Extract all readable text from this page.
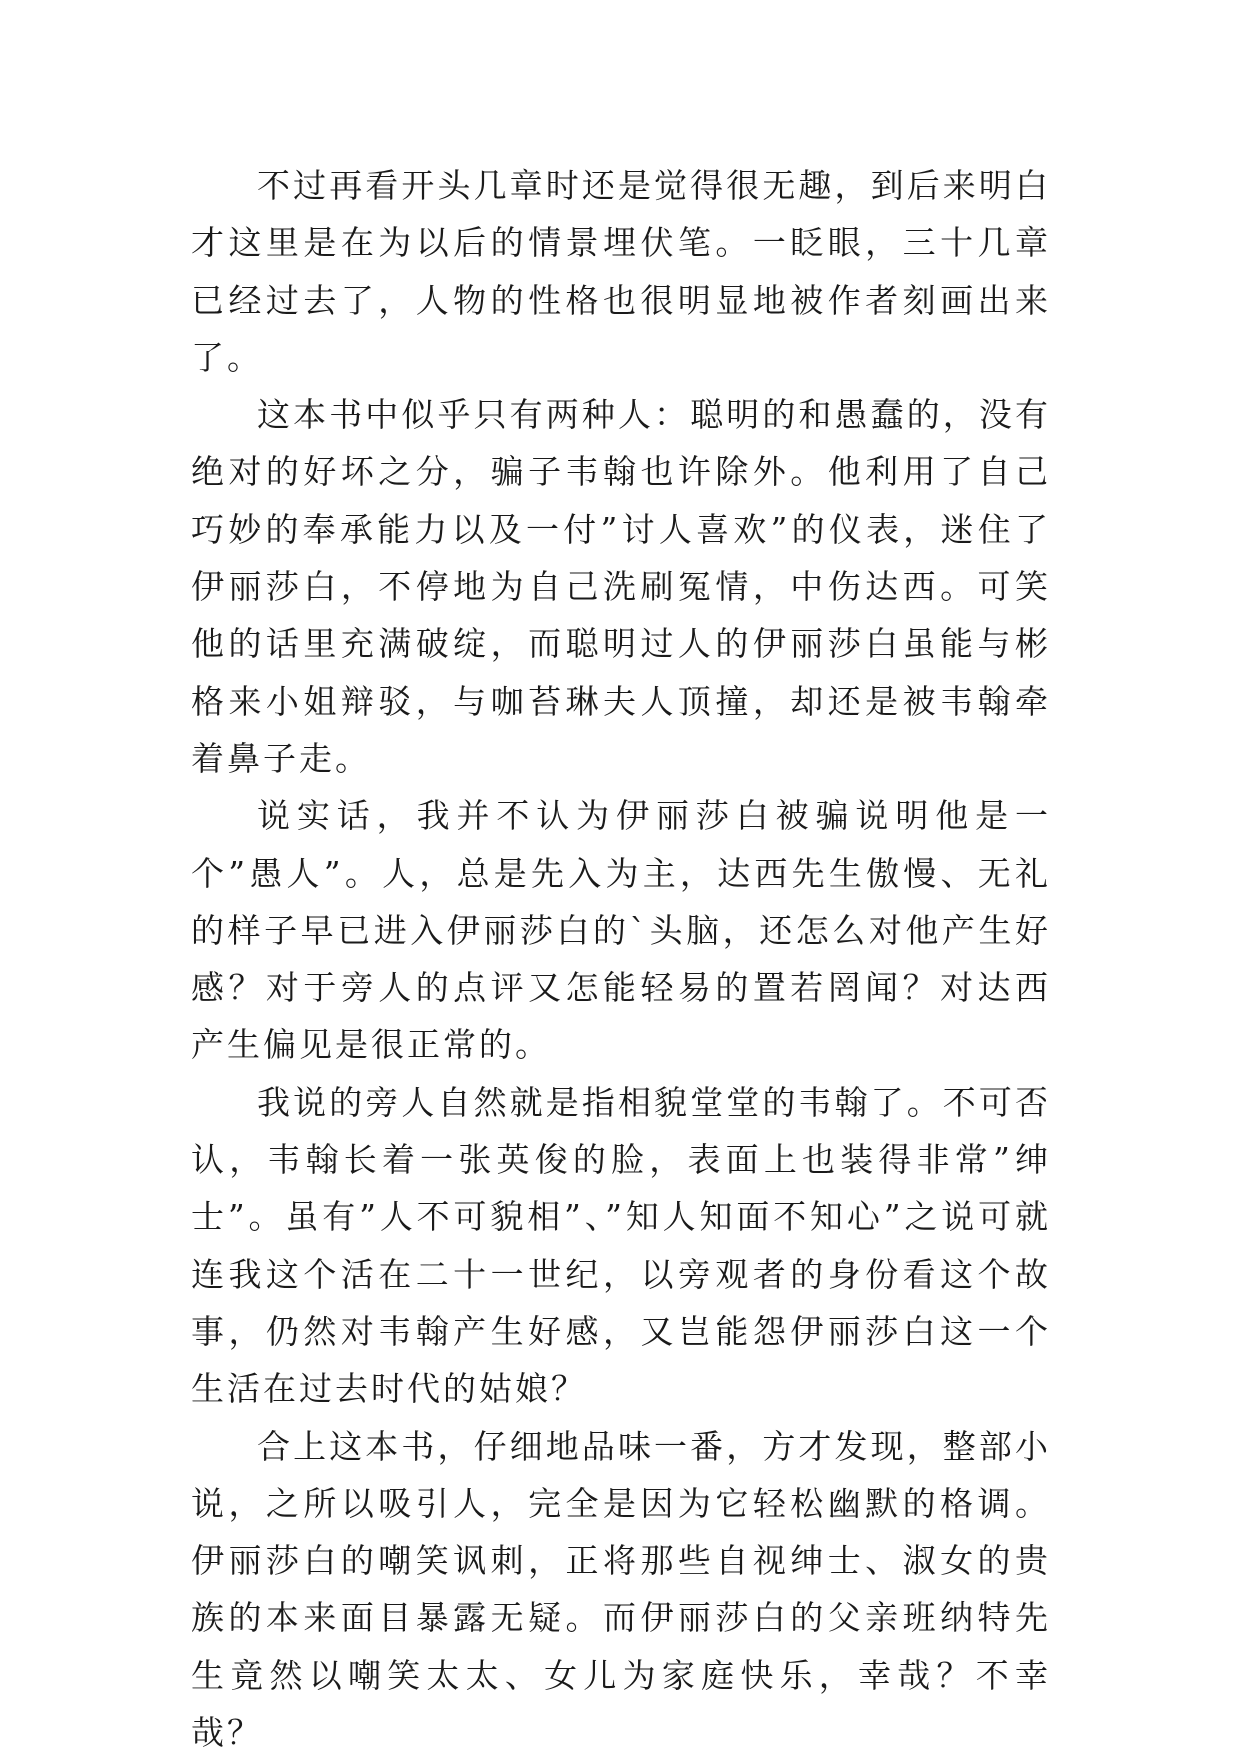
不过再看开头几章时还是觉得很无趣，到后来明白才这里是在为以后的情景埋伏笔。一眨眼，三十几章已经过去了，人物的性格也很明显地被作者刻画出来了。

这本书中似乎只有两种人：聪明的和愚蠢的，没有绝对的好坏之分，骗子韦翰也许除外。他利用了自己巧妙的奉承能力以及一付”讨人喜欢”的仪表，迷住了伊丽莎白，不停地为自己洗刷冤情，中伤达西。可笑他的话里充满破绽，而聪明过人的伊丽莎白虽能与彬格来小姐辩驳，与咖苔琳夫人顶撞，却还是被韦翰牵着鼻子走。

说实话，我并不认为伊丽莎白被骗说明他是一个”愚人”。人，总是先入为主，达西先生傲慢、无礼的样子早已进入伊丽莎白的`头脑，还怎么对他产生好感？对于旁人的点评又怎能轻易的置若罔闻？对达西产生偏见是很正常的。

我说的旁人自然就是指相貌堂堂的韦翰了。不可否认，韦翰长着一张英俊的脸，表面上也装得非常”绅士”。虽有”人不可貌相”、”知人知面不知心”之说可就连我这个活在二十一世纪，以旁观者的身份看这个故事，仍然对韦翰产生好感，又岂能怨伊丽莎白这一个生活在过去时代的姑娘？

合上这本书，仔细地品味一番，方才发现，整部小说，之所以吸引人，完全是因为它轻松幽默的格调。伊丽莎白的嘲笑讽刺，正将那些自视绅士、淑女的贵族的本来面目暴露无疑。而伊丽莎白的父亲班纳特先生竟然以嘲笑太太、女儿为家庭快乐，幸哉？不幸哉？
